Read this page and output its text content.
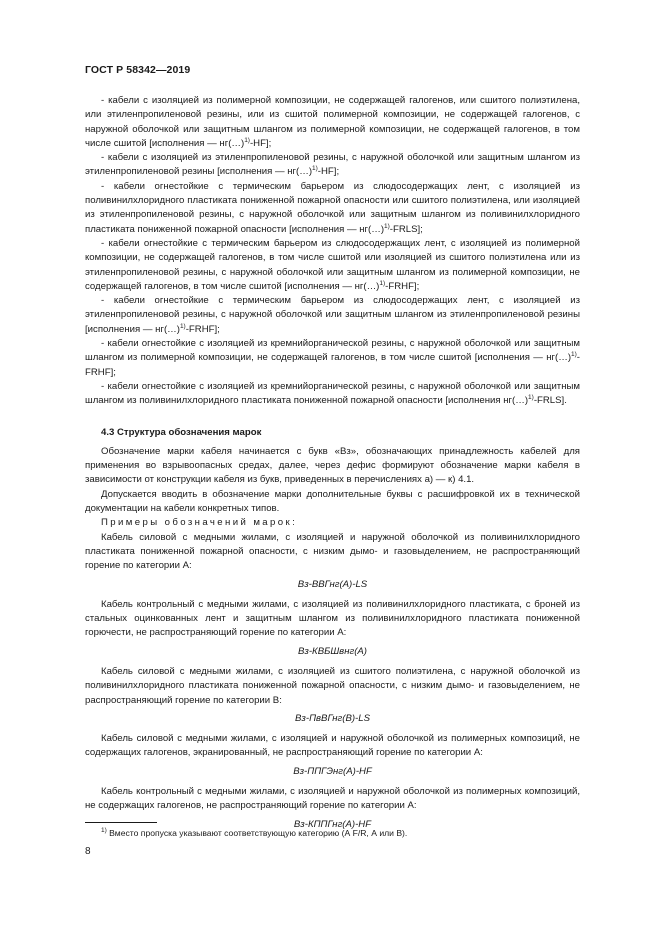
ГОСТ Р 58342—2019

- кабели с изоляцией из полимерной композиции, не содержащей галогенов, или сшитого полиэтилена, или этиленпропиленовой резины, или из сшитой полимерной композиции, не содержащей галогенов, с наружной оболочкой или защитным шлангом из полимерной композиции, не содержащей галогенов, в том числе сшитой [исполнения — нг(…)$^{1)}$-HF];

- кабели с изоляцией из этиленпропиленовой резины, с наружной оболочкой или защитным шлангом из этиленпропиленовой резины [исполнения — нг(…)$^{1)}$-HF];

- кабели огнестойкие с термическим барьером из слюдосодержащих лент, с изоляцией из поливинилхлоридного пластиката пониженной пожарной опасности или сшитого полиэтилена, или изоляцией из этиленпропиленовой резины, с наружной оболочкой или защитным шлангом из поливинилхлоридного пластиката пониженной пожарной опасности [исполнения — нг(…)$^{1)}$-FRLS];

- кабели огнестойкие с термическим барьером из слюдосодержащих лент, с изоляцией из полимерной композиции, не содержащей галогенов, в том числе сшитой или изоляцией из сшитого полиэтилена или из этиленпропиленовой резины, с наружной оболочкой или защитным шлангом из полимерной композиции, не содержащей галогенов, в том числе сшитой [исполнения — нг(…)$^{1)}$-FRHF];

- кабели огнестойкие с термическим барьером из слюдосодержащих лент, с изоляцией из этиленпропиленовой резины, с наружной оболочкой или защитным шлангом из этиленпропиленовой резины [исполнения — нг(…)$^{1)}$-FRHF];

- кабели огнестойкие с изоляцией из кремнийорганической резины, с наружной оболочкой или защитным шлангом из полимерной композиции, не содержащей галогенов, в том числе сшитой [исполнения — нг(…)$^{1)}$-FRHF];

- кабели огнестойкие с изоляцией из кремнийорганической резины, с наружной оболочкой или защитным шлангом из поливинилхлоридного пластиката пониженной пожарной опасности [исполнения нг(…)$^{1)}$-FRLS].

4.3 Структура обозначения марок

Обозначение марки кабеля начинается с букв «Вз», обозначающих принадлежность кабелей для применения во взрывоопасных средах, далее, через дефис формируют обозначение марки кабеля в зависимости от конструкции кабеля из букв, приведенных в перечислениях а) — к) 4.1.

Допускается вводить в обозначение марки дополнительные буквы с расшифровкой их в технической документации на кабели конкретных типов.

Примеры обозначений марок:

Кабель силовой с медными жилами, с изоляцией и наружной оболочкой из поливинилхлоридного пластиката пониженной пожарной опасности, с низким дымо- и газовыделением, не распространяющий горение по категории А:

Вз-ВВГнг(А)-LS

Кабель контрольный с медными жилами, с изоляцией из поливинилхлоридного пластиката, с броней из стальных оцинкованных лент и защитным шлангом из поливинилхлоридного пластиката пониженной горючести, не распространяющий горение по категории А:

Вз-КВБШвнг(А)

Кабель силовой с медными жилами, с изоляцией из сшитого полиэтилена, с наружной оболочкой из поливинилхлоридного пластиката пониженной пожарной опасности, с низким дымо- и газовыделением, не распространяющий горение по категории В:

Вз-ПвВГнг(В)-LS

Кабель силовой с медными жилами, с изоляцией и наружной оболочкой из полимерных композиций, не содержащих галогенов, экранированный, не распространяющий горение по категории А:

Вз-ППГЭнг(А)-HF

Кабель контрольный с медными жилами, с изоляцией и наружной оболочкой из полимерных композиций, не содержащих галогенов, не распространяющий горение по категории А:

Вз-КППГнг(А)-HF

$^{1)}$ Вместо пропуска указывают соответствующую категорию (А F/R, А или В).
8
